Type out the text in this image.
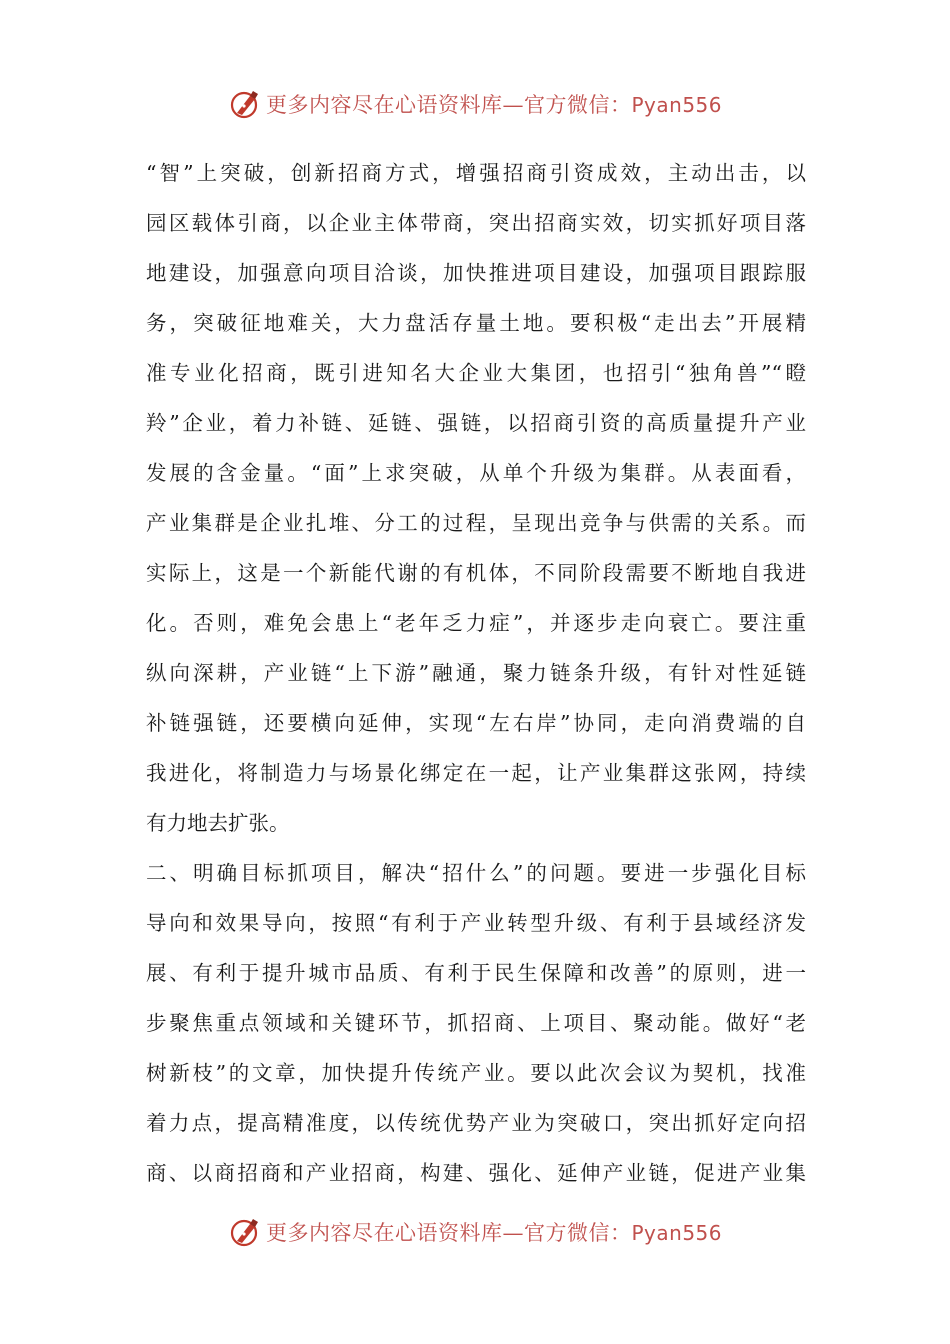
更多内容尽在心语资料库—官方微信：Pyan556
“智”上突破，创新招商方式，增强招商引资成效，主动出击，以
园区载体引商，以企业主体带商，突出招商实效，切实抓好项目落
地建设，加强意向项目洽谈，加快推进项目建设，加强项目跟踪服
务，突破征地难关，大力盘活存量土地。要积极“走出去”开展精
准专业化招商，既引进知名大企业大集团，也招引“独角兽”“瞪
羚”企业，着力补链、延链、强链，以招商引资的高质量提升产业
发展的含金量。“面”上求突破，从单个升级为集群。从表面看，
产业集群是企业扎堆、分工的过程，呈现出竞争与供需的关系。而
实际上，这是一个新能代谢的有机体，不同阶段需要不断地自我进
化。否则，难免会患上“老年乏力症”，并逐步走向衰亡。要注重
纵向深耕，产业链“上下游”融通，聚力链条升级，有针对性延链
补链强链，还要横向延伸，实现“左右岸”协同，走向消费端的自
我进化，将制造力与场景化绑定在一起，让产业集群这张网，持续
有力地去扩张。
二、明确目标抓项目，解决“招什么”的问题。要进一步强化目标
导向和效果导向，按照“有利于产业转型升级、有利于县域经济发
展、有利于提升城市品质、有利于民生保障和改善”的原则，进一
步聚焦重点领域和关键环节，抓招商、上项目、聚动能。做好“老
树新枝”的文章，加快提升传统产业。要以此次会议为契机，找准
着力点，提高精准度，以传统优势产业为突破口，突出抓好定向招
商、以商招商和产业招商，构建、强化、延伸产业链，促进产业集
更多内容尽在心语资料库—官方微信：Pyan556
